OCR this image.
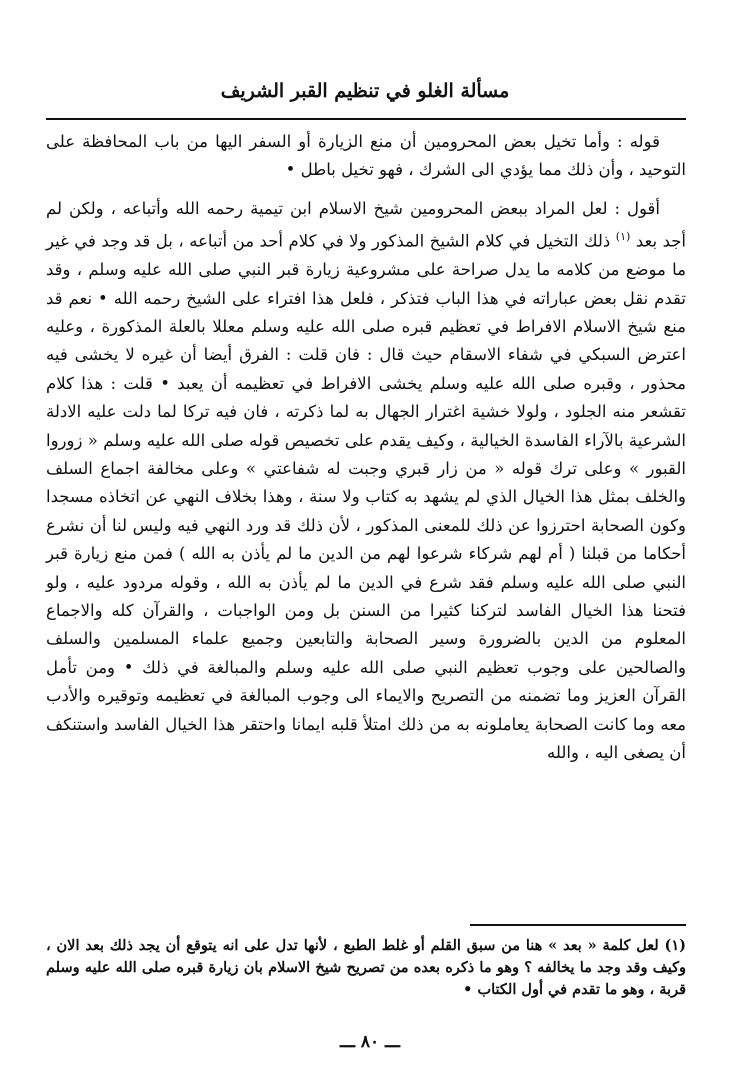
مسألة الغلو في تنظيم القبر الشريف

قوله : وأما تخيل بعض المحرومين أن منع الزيارة أو السفر اليها من باب المحافظة على التوحيد ، وأن ذلك مما يؤدي الى الشرك ، فهو تخيل باطل •

أقول : لعل المراد ببعض المحرومين شيخ الاسلام ابن تيمية رحمه الله وأتباعه ، ولكن لم أجد بعد $^{(١)}$ ذلك التخيل في كلام الشيخ المذكور ولا في كلام أحد من أتباعه ، بل قد وجد في غير ما موضع من كلامه ما يدل صراحة على مشروعية زيارة قبر النبي صلى الله عليه وسلم ، وقد تقدم نقل بعض عباراته في هذا الباب فتذكر ، فلعل هذا افتراء على الشيخ رحمه الله • نعم قد منع شيخ الاسلام الافراط في تعظيم قبره صلى الله عليه وسلم معللا بالعلة المذكورة ، وعليه اعترض السبكي في شفاء الاسقام حيث قال : فان قلت : الفرق أيضا أن غيره لا يخشى فيه محذور ، وقبره صلى الله عليه وسلم يخشى الافراط في تعظيمه أن يعبد • قلت : هذا كلام تقشعر منه الجلود ، ولولا خشية اغترار الجهال به لما ذكرته ، فان فيه تركا لما دلت عليه الادلة الشرعية بالآراء الفاسدة الخيالية ، وكيف يقدم على تخصيص قوله صلى الله عليه وسلم « زوروا القبور » وعلى ترك قوله « من زار قبري وجبت له شفاعتي » وعلى مخالفة اجماع السلف والخلف بمثل هذا الخيال الذي لم يشهد به كتاب ولا سنة ، وهذا بخلاف النهي عن اتخاذه مسجدا وكون الصحابة احترزوا عن ذلك للمعنى المذكور ، لأن ذلك قد ورد النهي فيه وليس لنا أن نشرع أحكاما من قبلنا ( أم لهم شركاء شرعوا لهم من الدين ما لم يأذن به الله ) فمن منع زيارة قبر النبي صلى الله عليه وسلم فقد شرع في الدين ما لم يأذن به الله ، وقوله مردود عليه ، ولو فتحنا هذا الخيال الفاسد لتركنا كثيرا من السنن بل ومن الواجبات ، والقرآن كله والاجماع المعلوم من الدين بالضرورة وسير الصحابة والتابعين وجميع علماء المسلمين والسلف والصالحين على وجوب تعظيم النبي صلى الله عليه وسلم والمبالغة في ذلك • ومن تأمل القرآن العزيز وما تضمنه من التصريح والايماء الى وجوب المبالغة في تعظيمه وتوقيره والأدب معه وما كانت الصحابة يعاملونه به من ذلك امتلأ قلبه ايمانا واحتقر هذا الخيال الفاسد واستنكف أن يصغى اليه ، والله

(١) لعل كلمة « بعد » هنا من سبق القلم أو غلط الطبع ، لأنها تدل على انه يتوقع أن يجد ذلك بعد الان ، وكيف وقد وجد ما يخالفه ؟ وهو ما ذكره بعده من تصريح شيخ الاسلام بان زيارة قبره صلى الله عليه وسلم قربة ، وهو ما تقدم في أول الكتاب •

ـــ ٨٠ ـــ
